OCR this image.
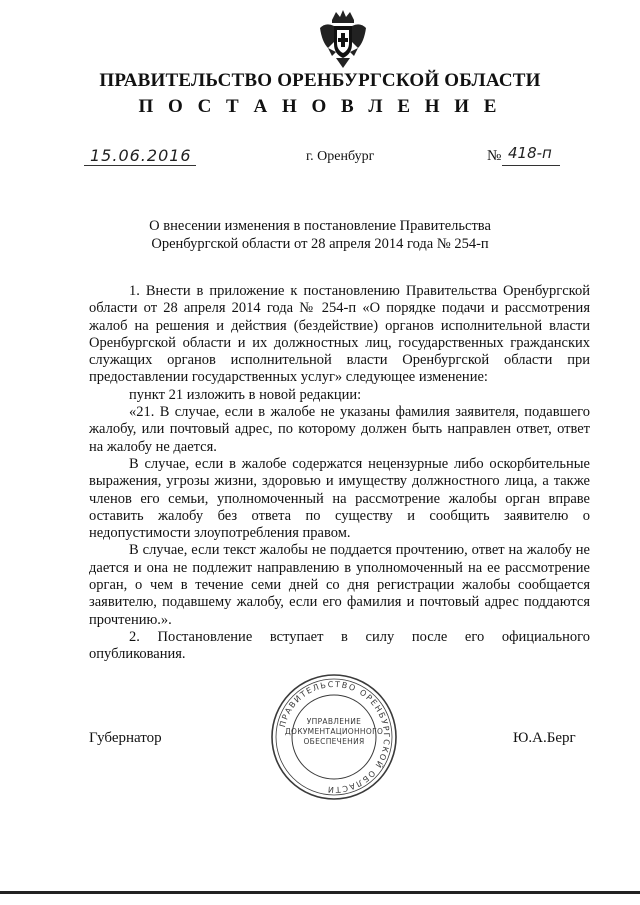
ПРАВИТЕЛЬСТВО ОРЕНБУРГСКОЙ ОБЛАСТИ
П О С Т А Н О В Л Е Н И Е
15.06.2016	г. Оренбург	№ 418-п
О внесении изменения в постановление Правительства
Оренбургской области от 28 апреля 2014 года № 254-п

1. Внести в приложение к постановлению Правительства Оренбургской области от 28 апреля 2014 года № 254-п «О порядке подачи и рассмотрения жалоб на решения и действия (бездействие) органов исполнительной власти Оренбургской области и их должностных лиц, государственных гражданских служащих органов исполнительной власти Оренбургской области при предоставлении государственных услуг» следующее изменение:

пункт 21 изложить в новой редакции:

«21. В случае, если в жалобе не указаны фамилия заявителя, подавшего жалобу, или почтовый адрес, по которому должен быть направлен ответ, ответ на жалобу не дается.

В случае, если в жалобе содержатся нецензурные либо оскорбительные выражения, угрозы жизни, здоровью и имуществу должностного лица, а также членов его семьи, уполномоченный на рассмотрение жалобы орган вправе оставить жалобу без ответа по существу и сообщить заявителю о недопустимости злоупотребления правом.

В случае, если текст жалобы не поддается прочтению, ответ на жалобу не дается и она не подлежит направлению в уполномоченный на ее рассмотрение орган, о чем в течение семи дней со дня регистрации жалобы сообщается заявителю, подавшему жалобу, если его фамилия и почтовый адрес поддаются прочтению.».

2. Постановление вступает в силу после его официального опубликования.

ПРАВИТЕЛЬСТВО ОРЕНБУРГСКОЙ ОБЛАСТИ
УПРАВЛЕНИЕ
ДОКУМЕНТАЦИОННОГО
ОБЕСПЕЧЕНИЯ
Губернатор	Ю.А.Берг
